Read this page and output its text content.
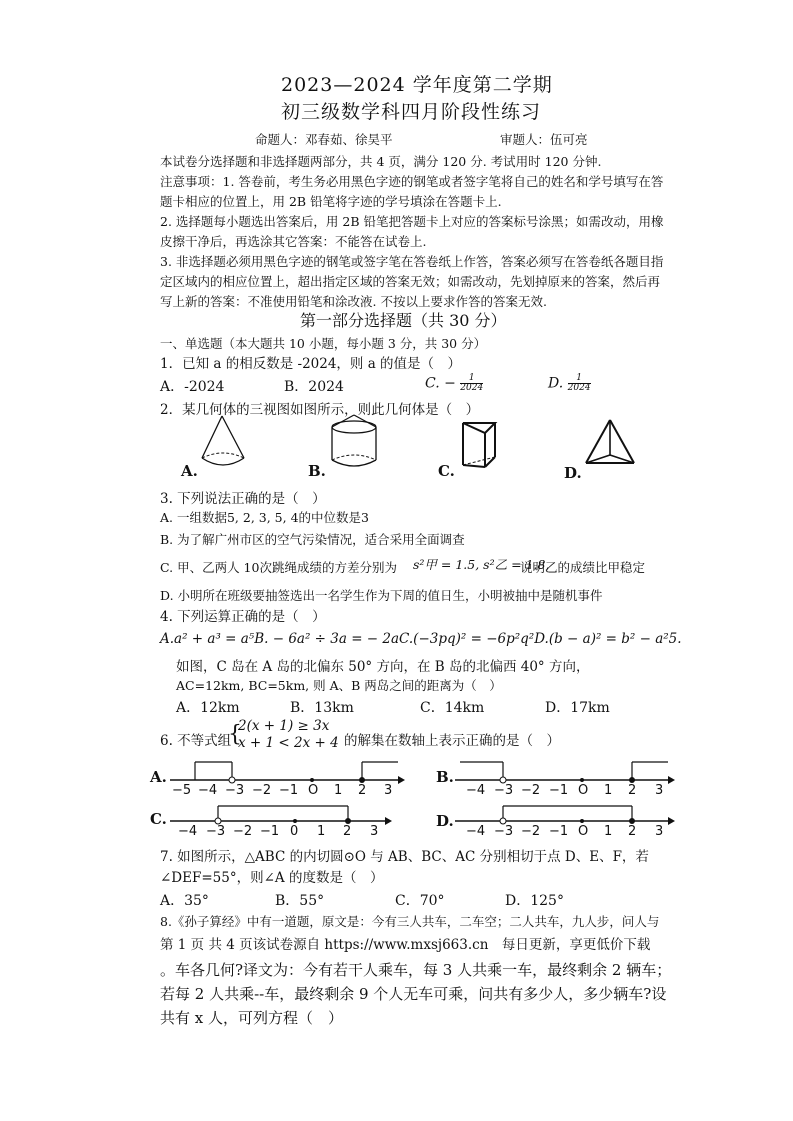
2023—2024 学年度第二学期
初三级数学科四月阶段性练习
命题人：邓春茹、徐昊平	审题人：伍可亮
本试卷分选择题和非选择题两部分，共 4 页，满分 120 分. 考试用时 120 分钟.
注意事项：1. 答卷前，考生务必用黑色字迹的钢笔或者签字笔将自己的姓名和学号填写在答
题卡相应的位置上，用 2B 铅笔将字迹的学号填涂在答题卡上.
2. 选择题每小题选出答案后，用 2B 铅笔把答题卡上对应的答案标号涂黑；如需改动，用橡
皮擦干净后，再选涂其它答案：不能答在试卷上.
3. 非选择题必须用黑色字迹的钢笔或签字笔在答卷纸上作答，答案必须写在答卷纸各题目指
定区域内的相应位置上，超出指定区域的答案无效；如需改动，先划掉原来的答案，然后再
写上新的答案：不准使用铅笔和涂改液. 不按以上要求作答的答案无效.
第一部分选择题（共 30 分）
一、单选题（本大题共 10 小题，每小题 3 分，共 30 分）
1．已知 a 的相反数是 -2024，则 a 的值是（　）
A．-2024	B．2024	C. − $\frac{1}{2024}$	D. $\frac{1}{2024}$
2．某几何体的三视图如图所示，则此几何体是（　）
A.	B.	C.	D.
3. 下列说法正确的是（　）
A. 一组数据5, 2, 3, 5, 4的中位数是3
B. 为了解广州市区的空气污染情况，适合采用全面调查
C. 甲、乙两人 10次跳绳成绩的方差分别为 s²甲 = 1.5, s²乙 = 1.8,
说明乙的成绩比甲稳定
D. 小明所在班级要抽签选出一名学生作为下周的值日生，小明被抽中是随机事件
4. 下列运算正确的是（　）
A.a² + a³ = a⁵B. − 6a² ÷ 3a = − 2aC.(−3pq)² = −6p²q²D.(b − a)² = b² − a²5.
如图，C 岛在 A 岛的北偏东 50° 方向，在 B 岛的北偏西 40° 方向，
AC=12km, BC=5km, 则 A、B 两岛之间的距离为（　）
A．12km	B．13km	C．14km	D．17km
6. 不等式组
{
2(x + 1) ≥ 3x
x + 1 < 2x + 4 的解集在数轴上表示正确的是（　）
A.
−5 −4 −3 −2 −1 O 1 2 3
B.
−4 −3 −2 −1 O 1 2 3
C.
−4 −3 −2 −1 0 1 2 3
D.
−4 −3 −2 −1 O 1 2 3
7. 如图所示，△ABC 的内切圆⊙O 与 AB、BC、AC 分别相切于点 D、E、F，若
∠DEF=55°，则∠A 的度数是（　）
A．35°	B．55°	C．70°	D．125°
8.《孙子算经》中有一道题，原文是：今有三人共车，二车空；二人共车，九人步，问人与
第 1 页 共 4 页该试卷源自 https://www.mxsj663.cn　每日更新，享更低价下载
。车各几何?译文为：今有若干人乘车，每 3 人共乘一车，最终剩余 2 辆车；
若每 2 人共乘--车，最终剩余 9 个人无车可乘，问共有多少人，多少辆车?设
共有 x 人，可列方程（　）
